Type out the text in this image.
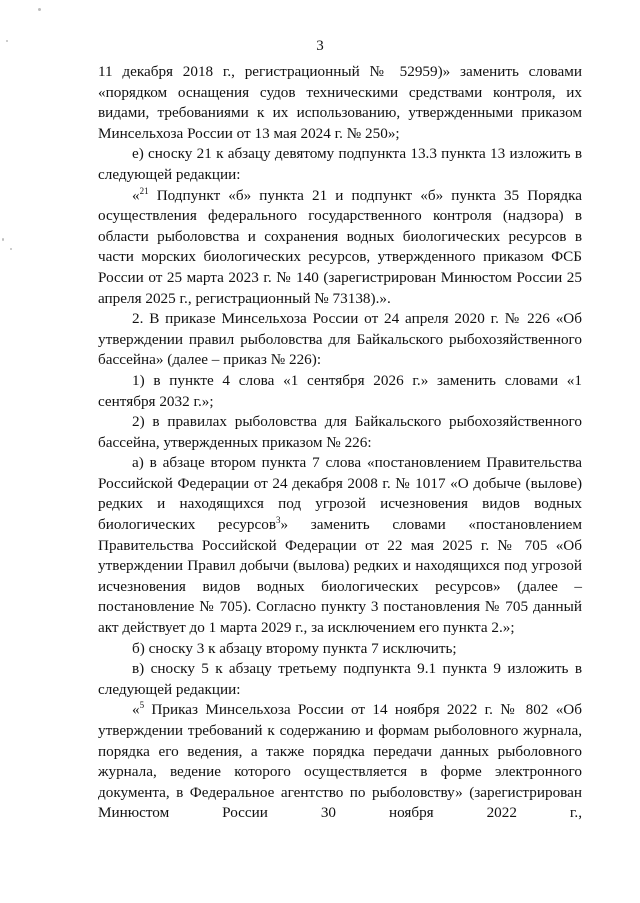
3

11 декабря 2018 г., регистрационный № 52959)» заменить словами «порядком оснащения судов техническими средствами контроля, их видами, требованиями к их использованию, утвержденными приказом Минсельхоза России от 13 мая 2024 г. № 250»;

е) сноску 21 к абзацу девятому подпункта 13.3 пункта 13 изложить в следующей редакции:

«$^{21}$ Подпункт «б» пункта 21 и подпункт «б» пункта 35 Порядка осуществления федерального государственного контроля (надзора) в области рыболовства и сохранения водных биологических ресурсов в части морских биологических ресурсов, утвержденного приказом ФСБ России от 25 марта 2023 г. № 140 (зарегистрирован Минюстом России 25 апреля 2025 г., регистрационный № 73138).».

2. В приказе Минсельхоза России от 24 апреля 2020 г. № 226 «Об утверждении правил рыболовства для Байкальского рыбохозяйственного бассейна» (далее – приказ № 226):

1) в пункте 4 слова «1 сентября 2026 г.» заменить словами «1 сентября 2032 г.»;

2) в правилах рыболовства для Байкальского рыбохозяйственного бассейна, утвержденных приказом № 226:

а) в абзаце втором пункта 7 слова «постановлением Правительства Российской Федерации от 24 декабря 2008 г. № 1017 «О добыче (вылове) редких и находящихся под угрозой исчезновения видов водных биологических ресурсов$^3$» заменить словами «постановлением Правительства Российской Федерации от 22 мая 2025 г. № 705 «Об утверждении Правил добычи (вылова) редких и находящихся под угрозой исчезновения видов водных биологических ресурсов» (далее – постановление № 705). Согласно пункту 3 постановления № 705 данный акт действует до 1 марта 2029 г., за исключением его пункта 2.»;

б) сноску 3 к абзацу второму пункта 7 исключить;

в) сноску 5 к абзацу третьему подпункта 9.1 пункта 9 изложить в следующей редакции:

«$^5$ Приказ Минсельхоза России от 14 ноября 2022 г. № 802 «Об утверждении требований к содержанию и формам рыболовного журнала, порядка его ведения, а также порядка передачи данных рыболовного журнала, ведение которого осуществляется в форме электронного документа, в Федеральное агентство по рыболовству» (зарегистрирован Минюстом России 30 ноября 2022 г.,
